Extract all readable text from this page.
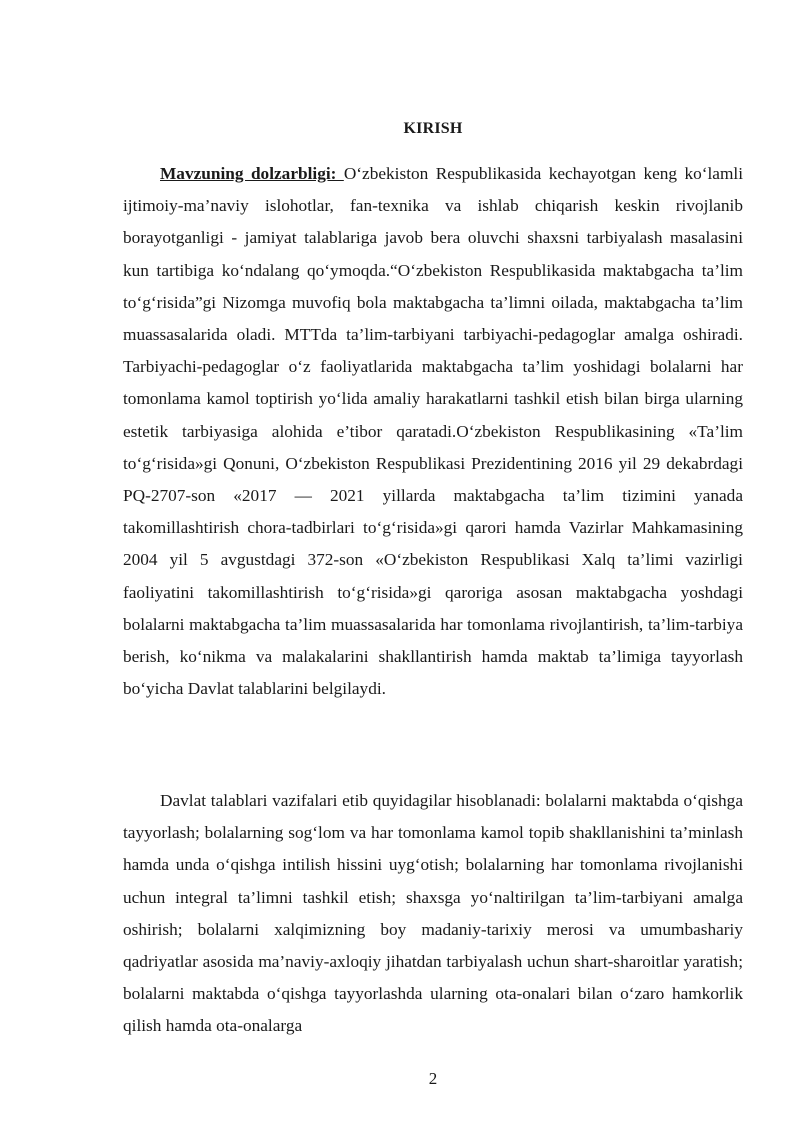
KIRISH

Mavzuning dolzarbligi: O‘zbekiston Respublikasida kechayotgan keng ko‘lamli ijtimoiy-ma’naviy islohotlar, fan-texnika va ishlab chiqarish keskin rivojlanib borayotganligi - jamiyat talablariga javob bera oluvchi shaxsni tarbiyalash masalasini kun tartibiga ko‘ndalang qo‘ymoqda.“O‘zbekiston Respublikasida maktabgacha ta’lim to‘g‘risida”gi Nizomga muvofiq bola maktabgacha ta’limni oilada, maktabgacha ta’lim muassasalarida oladi. MTTda ta’lim-tarbiyani tarbiyachi-pedagoglar amalga oshiradi. Tarbiyachi-pedagoglar o‘z faoliyatlarida maktabgacha ta’lim yoshidagi bolalarni har tomonlama kamol toptirish yo‘lida amaliy harakatlarni tashkil etish bilan birga ularning estetik tarbiyasiga alohida e’tibor qaratadi.O‘zbekiston Respublikasining «Ta’lim to‘g‘risida»gi Qonuni, O‘zbekiston Respublikasi Prezidentining 2016 yil 29 dekabrdagi PQ-2707-son «2017 — 2021 yillarda maktabgacha ta’lim tizimini yanada takomillashtirish chora-tadbirlari to‘g‘risida»gi qarori hamda Vazirlar Mahkamasining 2004 yil 5 avgustdagi 372-son «O‘zbekiston Respublikasi Xalq ta’limi vazirligi faoliyatini takomillashtirish to‘g‘risida»gi qaroriga asosan maktabgacha yoshdagi bolalarni maktabgacha ta’lim muassasalarida har tomonlama rivojlantirish, ta’lim-tarbiya berish, ko‘nikma va malakalarini shakllantirish hamda maktab ta’limiga tayyorlash bo‘yicha Davlat talablarini belgilaydi.

Davlat talablari vazifalari etib quyidagilar hisoblanadi: bolalarni maktabda o‘qishga tayyorlash; bolalarning sog‘lom va har tomonlama kamol topib shakllanishini ta’minlash hamda unda o‘qishga intilish hissini uyg‘otish; bolalarning har tomonlama rivojlanishi uchun integral ta’limni tashkil etish; shaxsga yo‘naltirilgan ta’lim-tarbiyani amalga oshirish; bolalarni xalqimizning boy madaniy-tarixiy merosi va umumbashariy qadriyatlar asosida ma’naviy-axloqiy jihatdan tarbiyalash uchun shart-sharoitlar yaratish; bolalarni maktabda o‘qishga tayyorlashda ularning ota-onalari bilan o‘zaro hamkorlik qilish hamda ota-onalarga

2
